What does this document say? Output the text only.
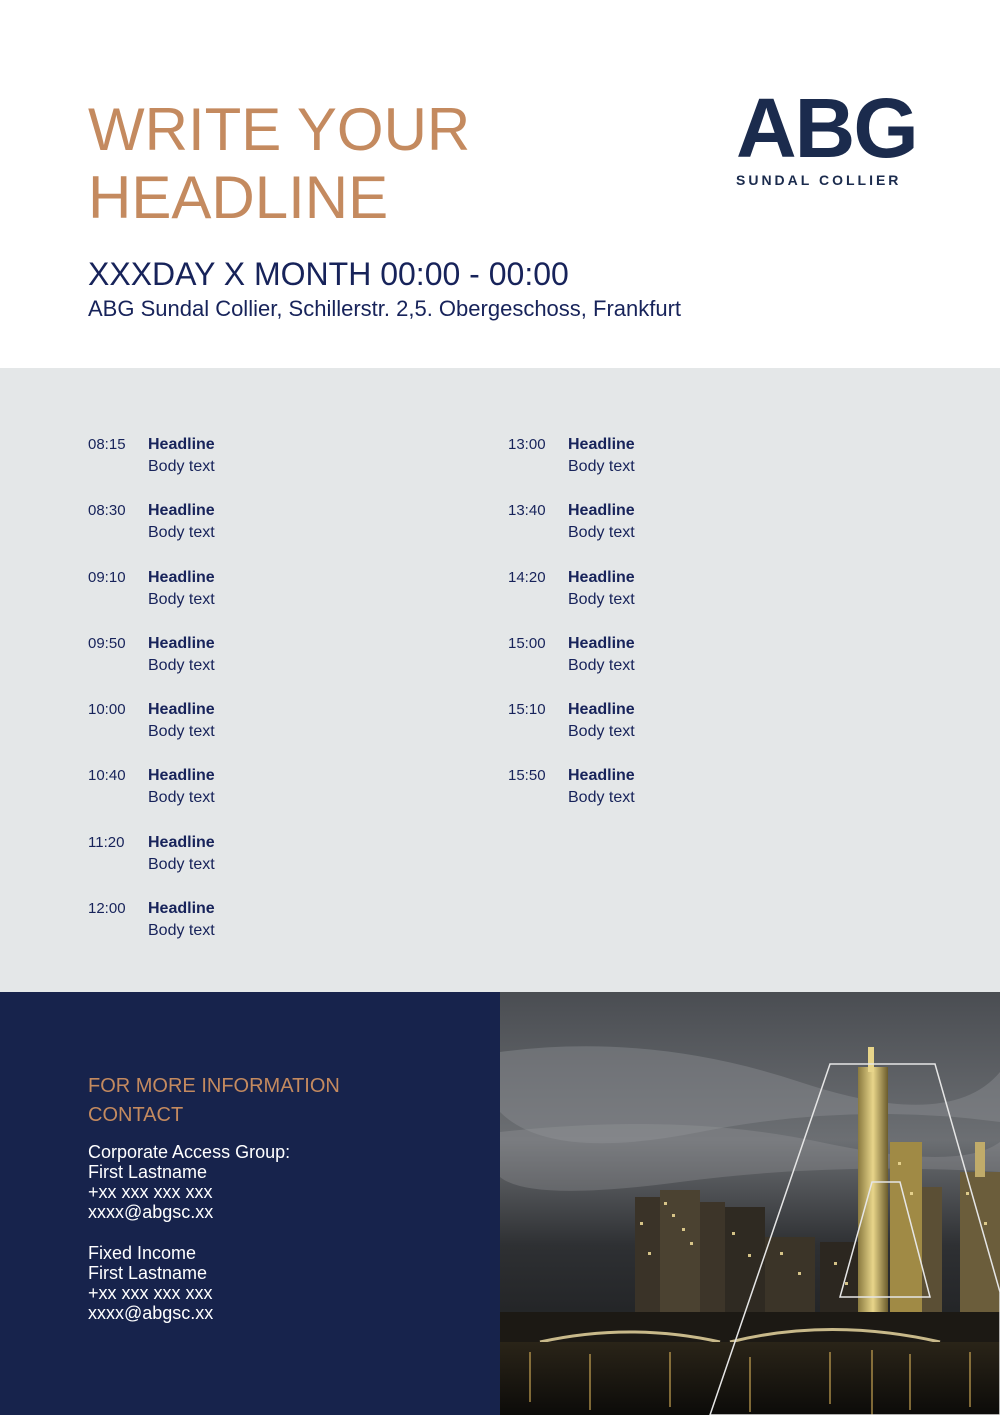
WRITE YOUR
HEADLINE
ABG
SUNDAL COLLIER
XXXDAY X MONTH 00:00 - 00:00
ABG Sundal Collier, Schillerstr. 2,5. Obergeschoss, Frankfurt
08:15 Headline
Body text
08:30 Headline
Body text
09:10 Headline
Body text
09:50 Headline
Body text
10:00 Headline
Body text
10:40 Headline
Body text
11:20 Headline
Body text
12:00 Headline
Body text
13:00 Headline
Body text
13:40 Headline
Body text
14:20 Headline
Body text
15:00 Headline
Body text
15:10 Headline
Body text
15:50 Headline
Body text
FOR MORE INFORMATION
CONTACT
Corporate Access Group:
First Lastname
+xx xxx xxx xxx
xxxx@abgsc.xx
Fixed Income
First Lastname
+xx xxx xxx xxx
xxxx@abgsc.xx
